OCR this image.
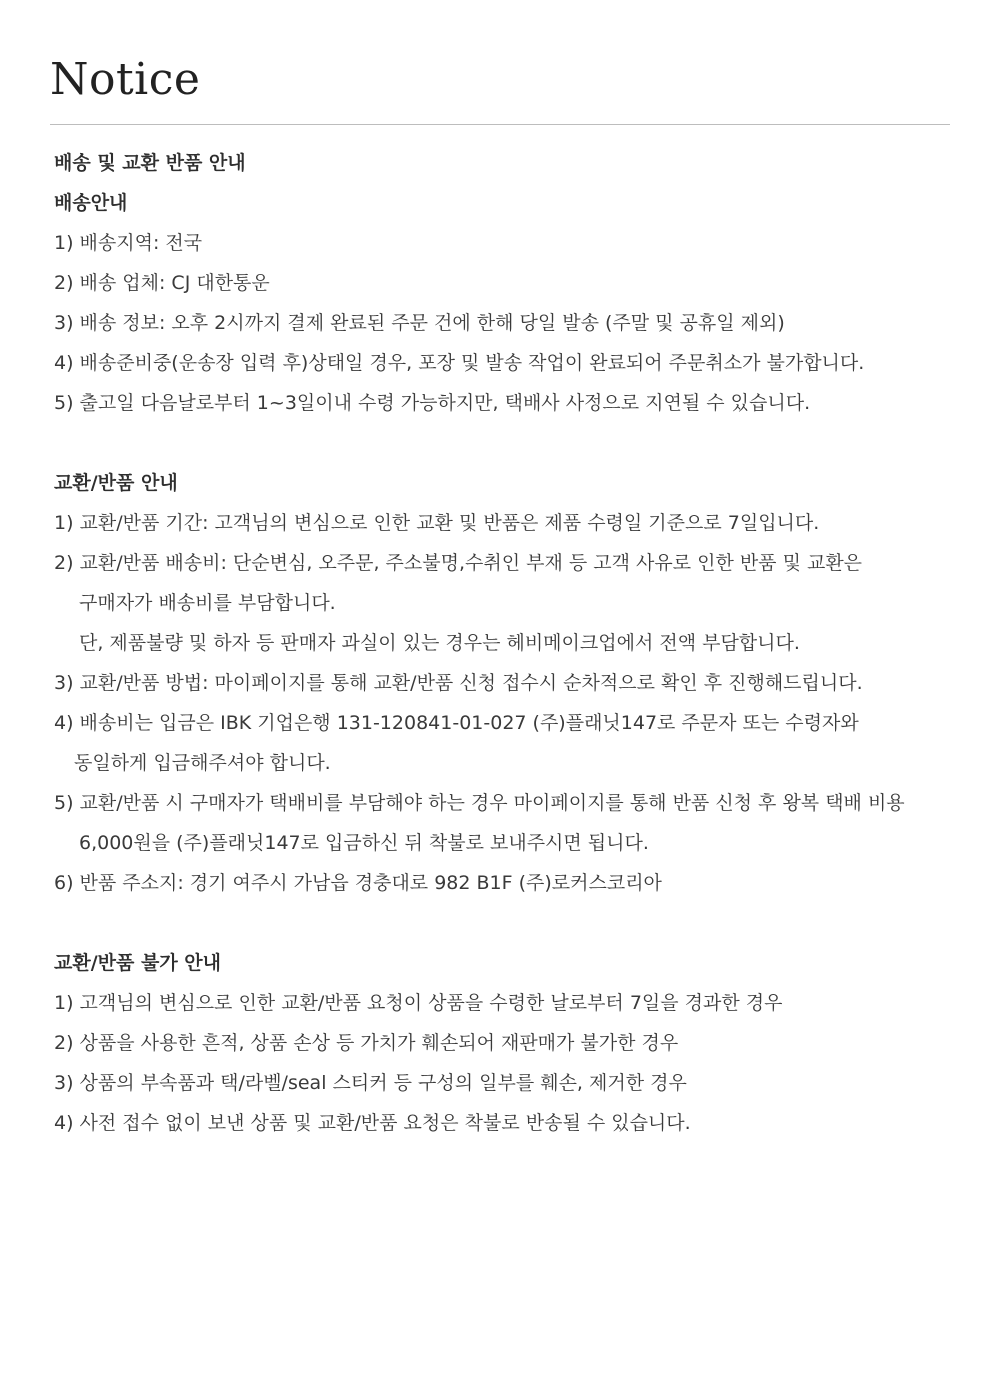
Notice
배송 및 교환 반품 안내
배송안내
1) 배송지역: 전국
2) 배송 업체: CJ 대한통운
3) 배송 정보: 오후 2시까지 결제 완료된 주문 건에 한해 당일 발송 (주말 및 공휴일 제외)
4) 배송준비중(운송장 입력 후)상태일 경우, 포장 및 발송 작업이 완료되어 주문취소가 불가합니다.
5) 출고일 다음날로부터 1~3일이내 수령 가능하지만, 택배사 사정으로 지연될 수 있습니다.
교환/반품 안내
1) 교환/반품 기간: 고객님의 변심으로 인한 교환 및 반품은 제품 수령일 기준으로 7일입니다.
2) 교환/반품 배송비: 단순변심, 오주문, 주소불명,수취인 부재 등 고객 사유로 인한 반품 및 교환은
구매자가 배송비를 부담합니다.
단, 제품불량 및 하자 등 판매자 과실이 있는 경우는 헤비메이크업에서 전액 부담합니다.
3) 교환/반품 방법: 마이페이지를 통해 교환/반품 신청 접수시 순차적으로 확인 후 진행해드립니다.
4) 배송비는 입금은 IBK 기업은행 131-120841-01-027 (주)플래닛147로 주문자 또는 수령자와
동일하게 입금해주셔야 합니다.
5) 교환/반품 시 구매자가 택배비를 부담해야 하는 경우 마이페이지를 통해 반품 신청 후 왕복 택배 비용
6,000원을 (주)플래닛147로 입금하신 뒤 착불로 보내주시면 됩니다.
6) 반품 주소지: 경기 여주시 가남읍 경충대로 982 B1F (주)로커스코리아
교환/반품 불가 안내
1) 고객님의 변심으로 인한 교환/반품 요청이 상품을 수령한 날로부터 7일을 경과한 경우
2) 상품을 사용한 흔적, 상품 손상 등 가치가 훼손되어 재판매가 불가한 경우
3) 상품의 부속품과 택/라벨/seal 스티커 등 구성의 일부를 훼손, 제거한 경우
4) 사전 접수 없이 보낸 상품 및 교환/반품 요청은 착불로 반송될 수 있습니다.
